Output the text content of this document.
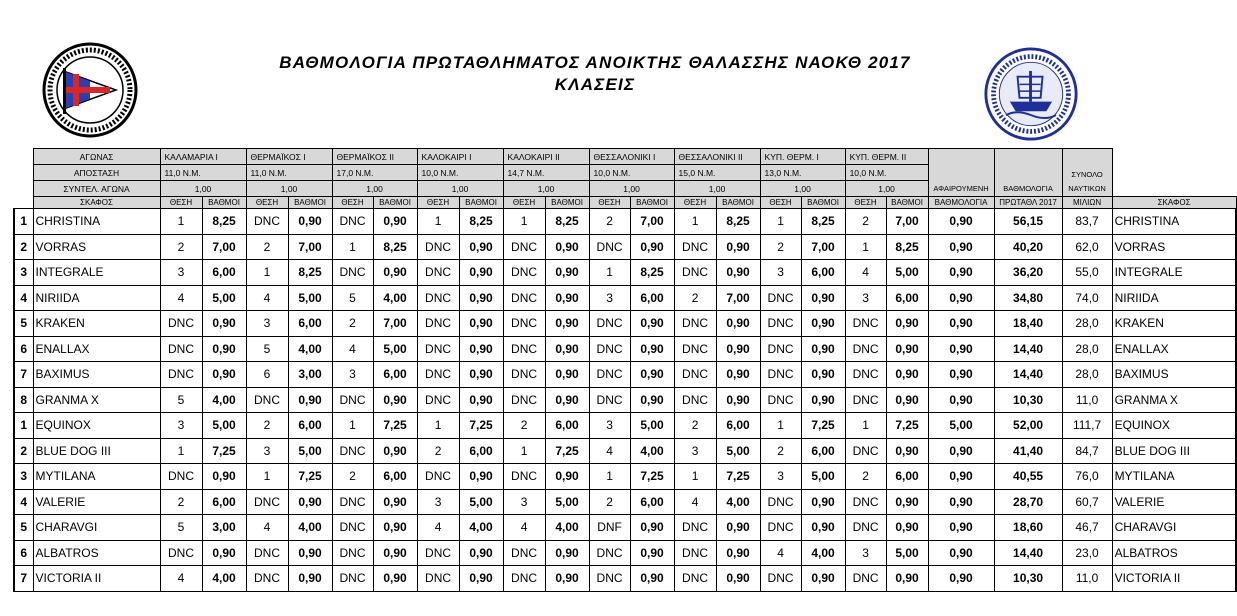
ΒΑΘΜΟΛΟΓΙΑ ΠΡΩΤΑΘΛΗΜΑΤΟΣ ΑΝΟΙΚΤΗΣ ΘΑΛΑΣΣΗΣ ΝΑΟΚΘ 2017
ΚΛΑΣΕΙΣ
	ΑΓΩΝΑΣ	ΚΑΛΑΜΑΡΙΑ Ι		ΘΕΡΜΑΪΚΟΣ Ι		ΘΕΡΜΑΪΚΟΣ ΙΙ		ΚΑΛΟΚΑΙΡΙ Ι		ΚΑΛΟΚΑΙΡΙ ΙΙ		ΘΕΣΣΑΛΟΝΙΚΙ Ι		ΘΕΣΣΑΛΟΝΙΚΙ ΙΙ		ΚΥΠ. ΘΕΡΜ. Ι		ΚΥΠ. ΘΕΡΜ. ΙΙ		ΑΦΑΙΡΟΥΜΕΝΗ	ΒΑΘΜΟΛΟΓΙΑ	ΣΥΝΟΛΟ
ΝΑΥΤΙΚΩΝ	

	ΑΠΟΣΤΑΣΗ	11,0 N.M.		11,0 N.M.		17,0 N.M.		10,0 N.M.		14,7 N.M.		10,0 N.M.		15,0 N.M.		13,0 N.M.		10,0 N.M.					
	ΣΥΝΤΕΛ. ΑΓΩΝΑ	1,00		1,00		1,00		1,00		1,00		1,00		1,00		1,00		1,00					
	ΣΚΑΦΟΣ	ΘΕΣΗ	ΒΑΘΜΟΙ	ΘΕΣΗ	ΒΑΘΜΟΙ	ΘΕΣΗ	ΒΑΘΜΟΙ	ΘΕΣΗ	ΒΑΘΜΟΙ	ΘΕΣΗ	ΒΑΘΜΟΙ	ΘΕΣΗ	ΒΑΘΜΟΙ	ΘΕΣΗ	ΒΑΘΜΟΙ	ΘΕΣΗ	ΒΑΘΜΟΙ	ΘΕΣΗ	ΒΑΘΜΟΙ	ΒΑΘΜΟΛΟΓΙΑ	ΠΡΩΤΑΘΛ 2017	ΜΙΛΙΩΝ	ΣΚΑΦΟΣ
1	CHRISTINA	1	8,25	DNC	0,90	DNC	0,90	1	8,25	1	8,25	2	7,00	1	8,25	1	8,25	2	7,00	0,90	56,15	83,7	CHRISTINA
2	VORRAS	2	7,00	2	7,00	1	8,25	DNC	0,90	DNC	0,90	DNC	0,90	DNC	0,90	2	7,00	1	8,25	0,90	40,20	62,0	VORRAS
3	INTEGRALE	3	6,00	1	8,25	DNC	0,90	DNC	0,90	DNC	0,90	1	8,25	DNC	0,90	3	6,00	4	5,00	0,90	36,20	55,0	INTEGRALE
4	NIRIIDA	4	5,00	4	5,00	5	4,00	DNC	0,90	DNC	0,90	3	6,00	2	7,00	DNC	0,90	3	6,00	0,90	34,80	74,0	NIRIIDA
5	KRAKEN	DNC	0,90	3	6,00	2	7,00	DNC	0,90	DNC	0,90	DNC	0,90	DNC	0,90	DNC	0,90	DNC	0,90	0,90	18,40	28,0	KRAKEN
6	ENALLAX	DNC	0,90	5	4,00	4	5,00	DNC	0,90	DNC	0,90	DNC	0,90	DNC	0,90	DNC	0,90	DNC	0,90	0,90	14,40	28,0	ENALLAX
7	BAXIMUS	DNC	0,90	6	3,00	3	6,00	DNC	0,90	DNC	0,90	DNC	0,90	DNC	0,90	DNC	0,90	DNC	0,90	0,90	14,40	28,0	BAXIMUS
8	GRANMA X	5	4,00	DNC	0,90	DNC	0,90	DNC	0,90	DNC	0,90	DNC	0,90	DNC	0,90	DNC	0,90	DNC	0,90	0,90	10,30	11,0	GRANMA X
1	EQUINOX	3	5,00	2	6,00	1	7,25	1	7,25	2	6,00	3	5,00	2	6,00	1	7,25	1	7,25	5,00	52,00	111,7	EQUINOX
2	BLUE DOG III	1	7,25	3	5,00	DNC	0,90	2	6,00	1	7,25	4	4,00	3	5,00	2	6,00	DNC	0,90	0,90	41,40	84,7	BLUE DOG III
3	MYTILANA	DNC	0,90	1	7,25	2	6,00	DNC	0,90	DNC	0,90	1	7,25	1	7,25	3	5,00	2	6,00	0,90	40,55	76,0	MYTILANA
4	VALERIE	2	6,00	DNC	0,90	DNC	0,90	3	5,00	3	5,00	2	6,00	4	4,00	DNC	0,90	DNC	0,90	0,90	28,70	60,7	VALERIE
5	CHARAVGI	5	3,00	4	4,00	DNC	0,90	4	4,00	4	4,00	DNF	0,90	DNC	0,90	DNC	0,90	DNC	0,90	0,90	18,60	46,7	CHARAVGI
6	ALBATROS	DNC	0,90	DNC	0,90	DNC	0,90	DNC	0,90	DNC	0,90	DNC	0,90	DNC	0,90	4	4,00	3	5,00	0,90	14,40	23,0	ALBATROS
7	VICTORIA II	4	4,00	DNC	0,90	DNC	0,90	DNC	0,90	DNC	0,90	DNC	0,90	DNC	0,90	DNC	0,90	DNC	0,90	0,90	10,30	11,0	VICTORIA II
